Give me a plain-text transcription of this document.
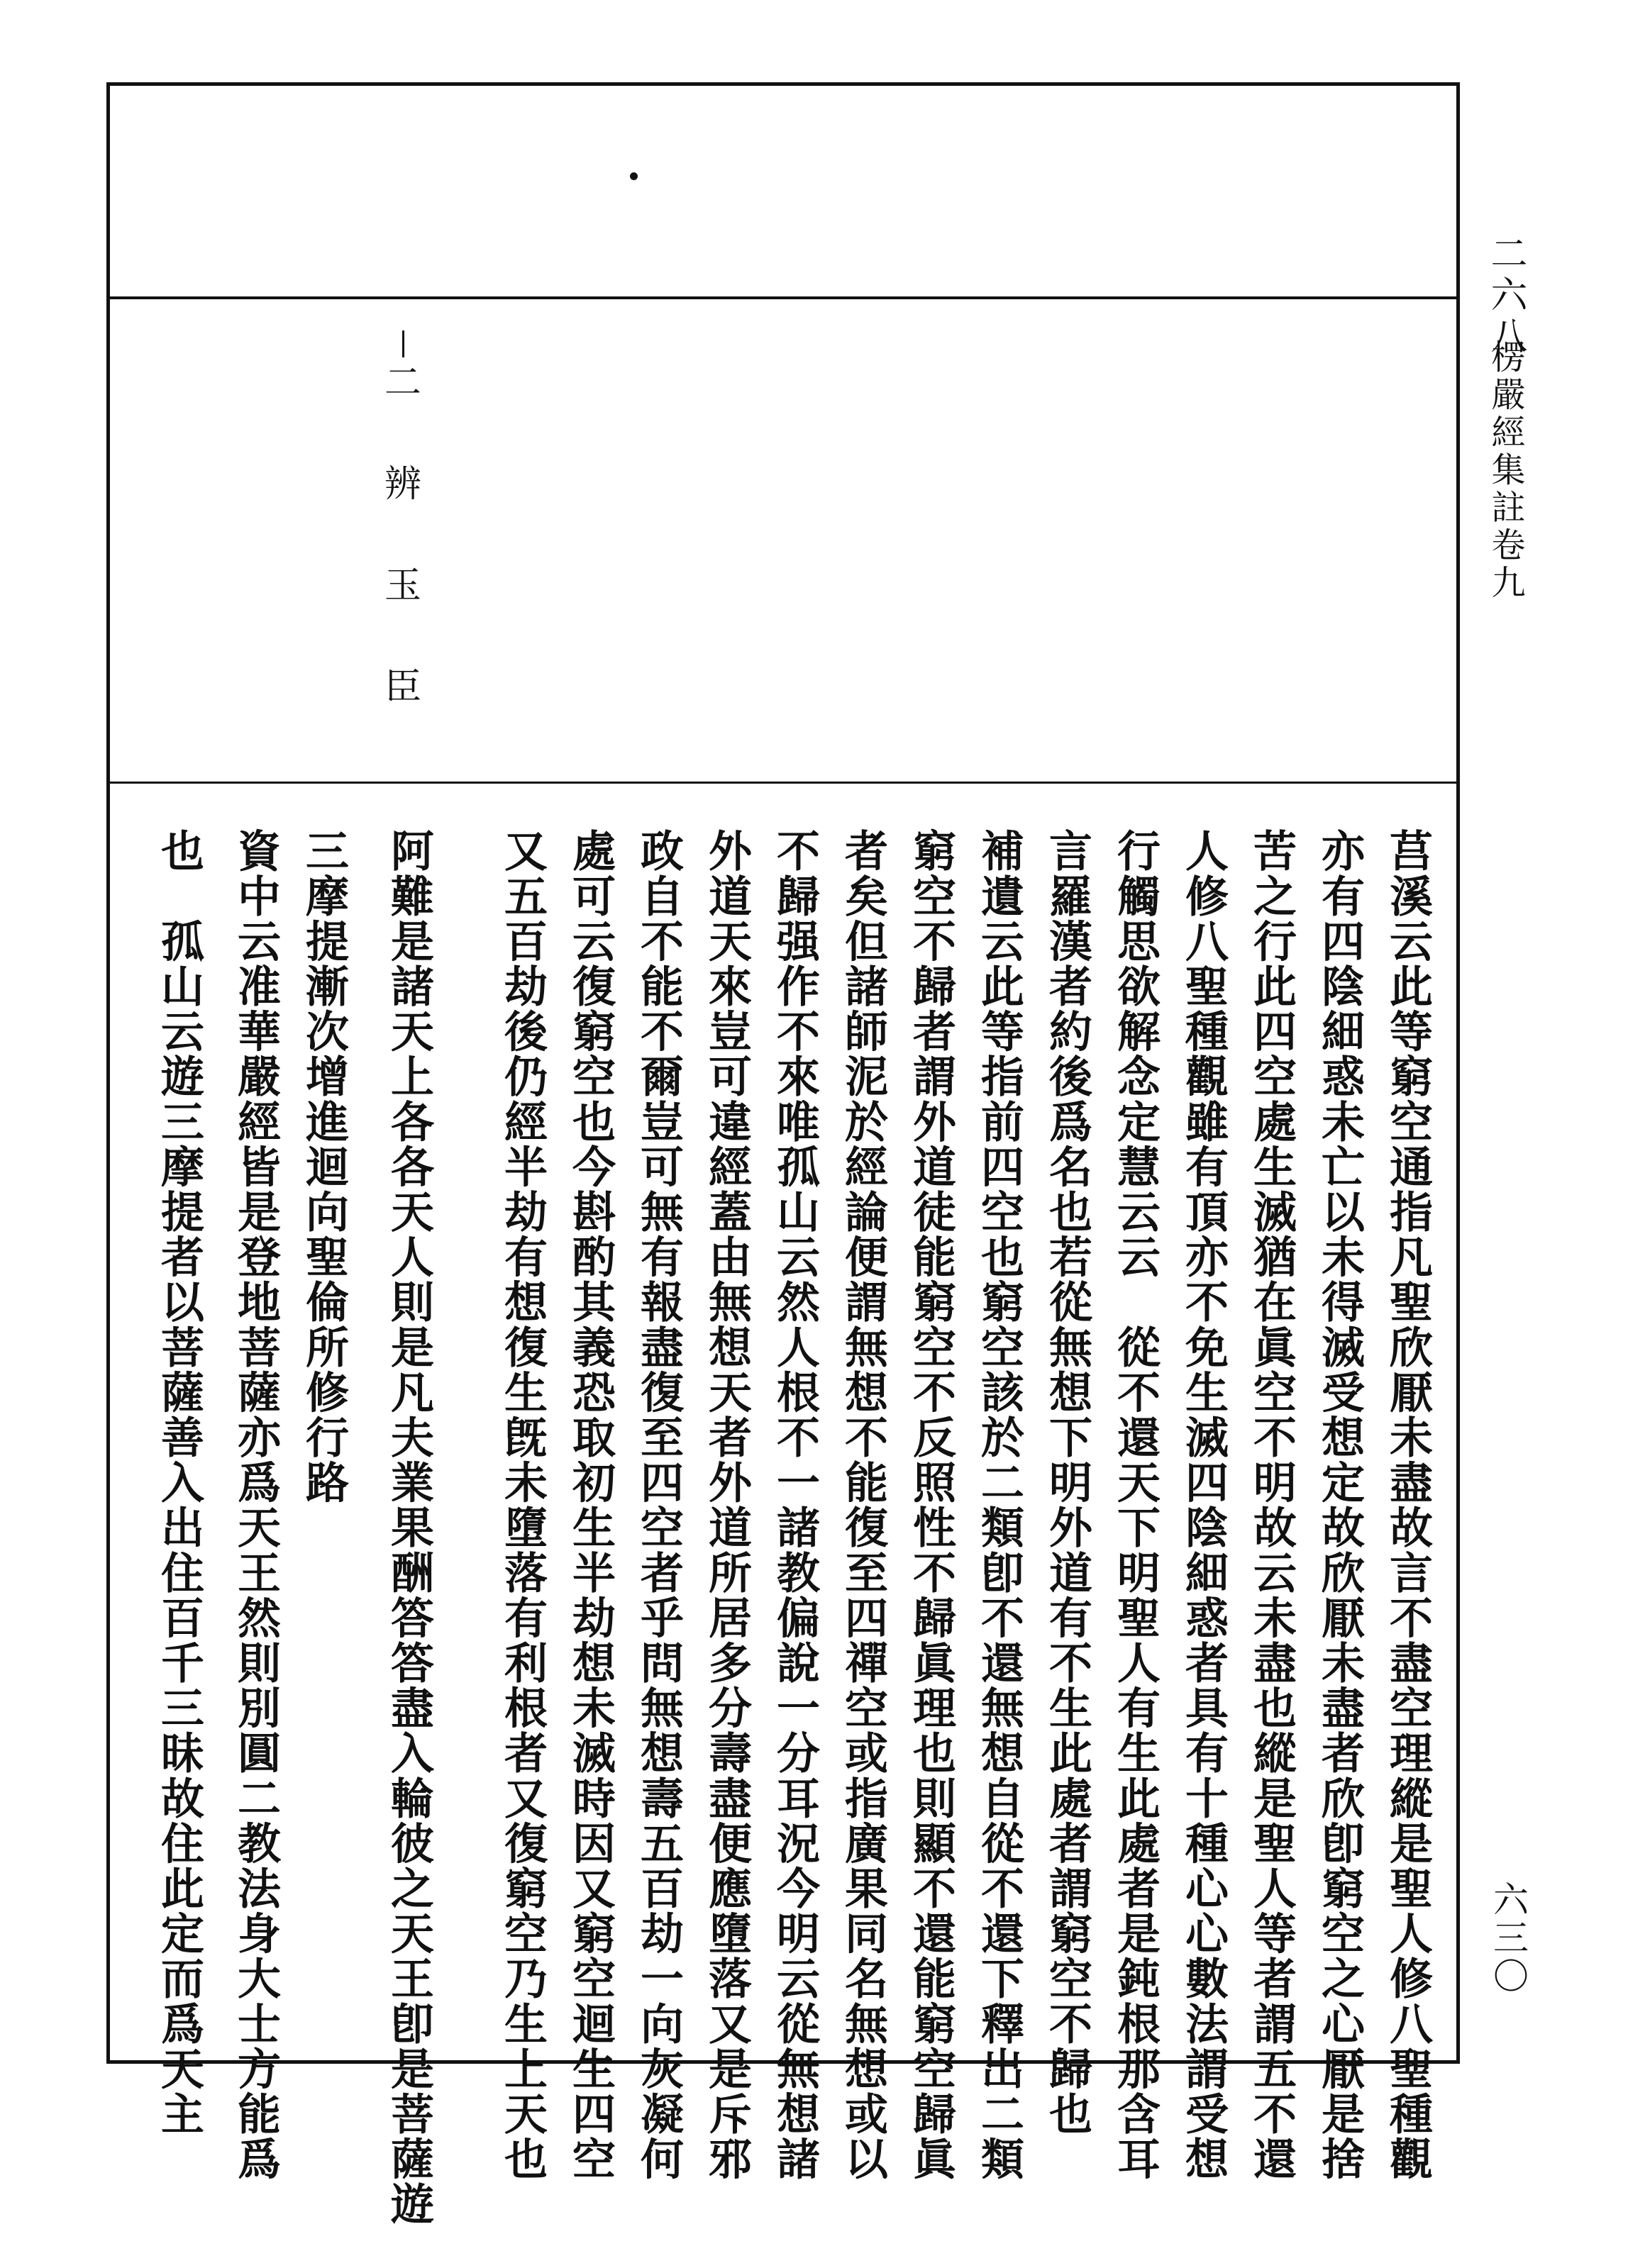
二六八
楞嚴經集註卷九
六三〇
二
辨
玉
臣
莒溪云此等窮空通指凡聖欣厭未盡故言不盡空理縱是聖人修八聖種觀
亦有四陰細惑未亡以未得滅受想定故欣厭未盡者欣卽窮空之心厭是捨
苦之行此四空處生滅猶在眞空不明故云未盡也縱是聖人等者謂五不還
人修八聖種觀雖有頂亦不免生滅四陰細惑者具有十種心心數法謂受想
行觸思欲解念定慧云云　從不還天下明聖人有生此處者是鈍根那含耳
言羅漢者約後爲名也若從無想下明外道有不生此處者謂窮空不歸也
補遺云此等指前四空也窮空該於二類卽不還無想自從不還下釋出二類
窮空不歸者謂外道徒能窮空不反照性不歸眞理也則顯不還能窮空歸眞
者矣但諸師泥於經論便謂無想不能復至四禪空或指廣果同名無想或以
不歸强作不來唯孤山云然人根不一諸教偏說一分耳況今明云從無想諸
外道天來豈可違經蓋由無想天者外道所居多分壽盡便應墮落又是斥邪
政自不能不爾豈可無有報盡復至四空者乎問無想壽五百劫一向灰凝何
處可云復窮空也今斟酌其義恐取初生半劫想未滅時因又窮空迴生四空
又五百劫後仍經半劫有想復生旣未墮落有利根者又復窮空乃生上天也
阿難是諸天上各各天人則是凡夫業果酬答答盡入輪彼之天王卽是菩薩遊
三摩提漸次增進迴向聖倫所修行路
資中云准華嚴經皆是登地菩薩亦爲天王然則別圓二教法身大士方能爲
也　孤山云遊三摩提者以菩薩善入出住百千三昧故住此定而爲天主
